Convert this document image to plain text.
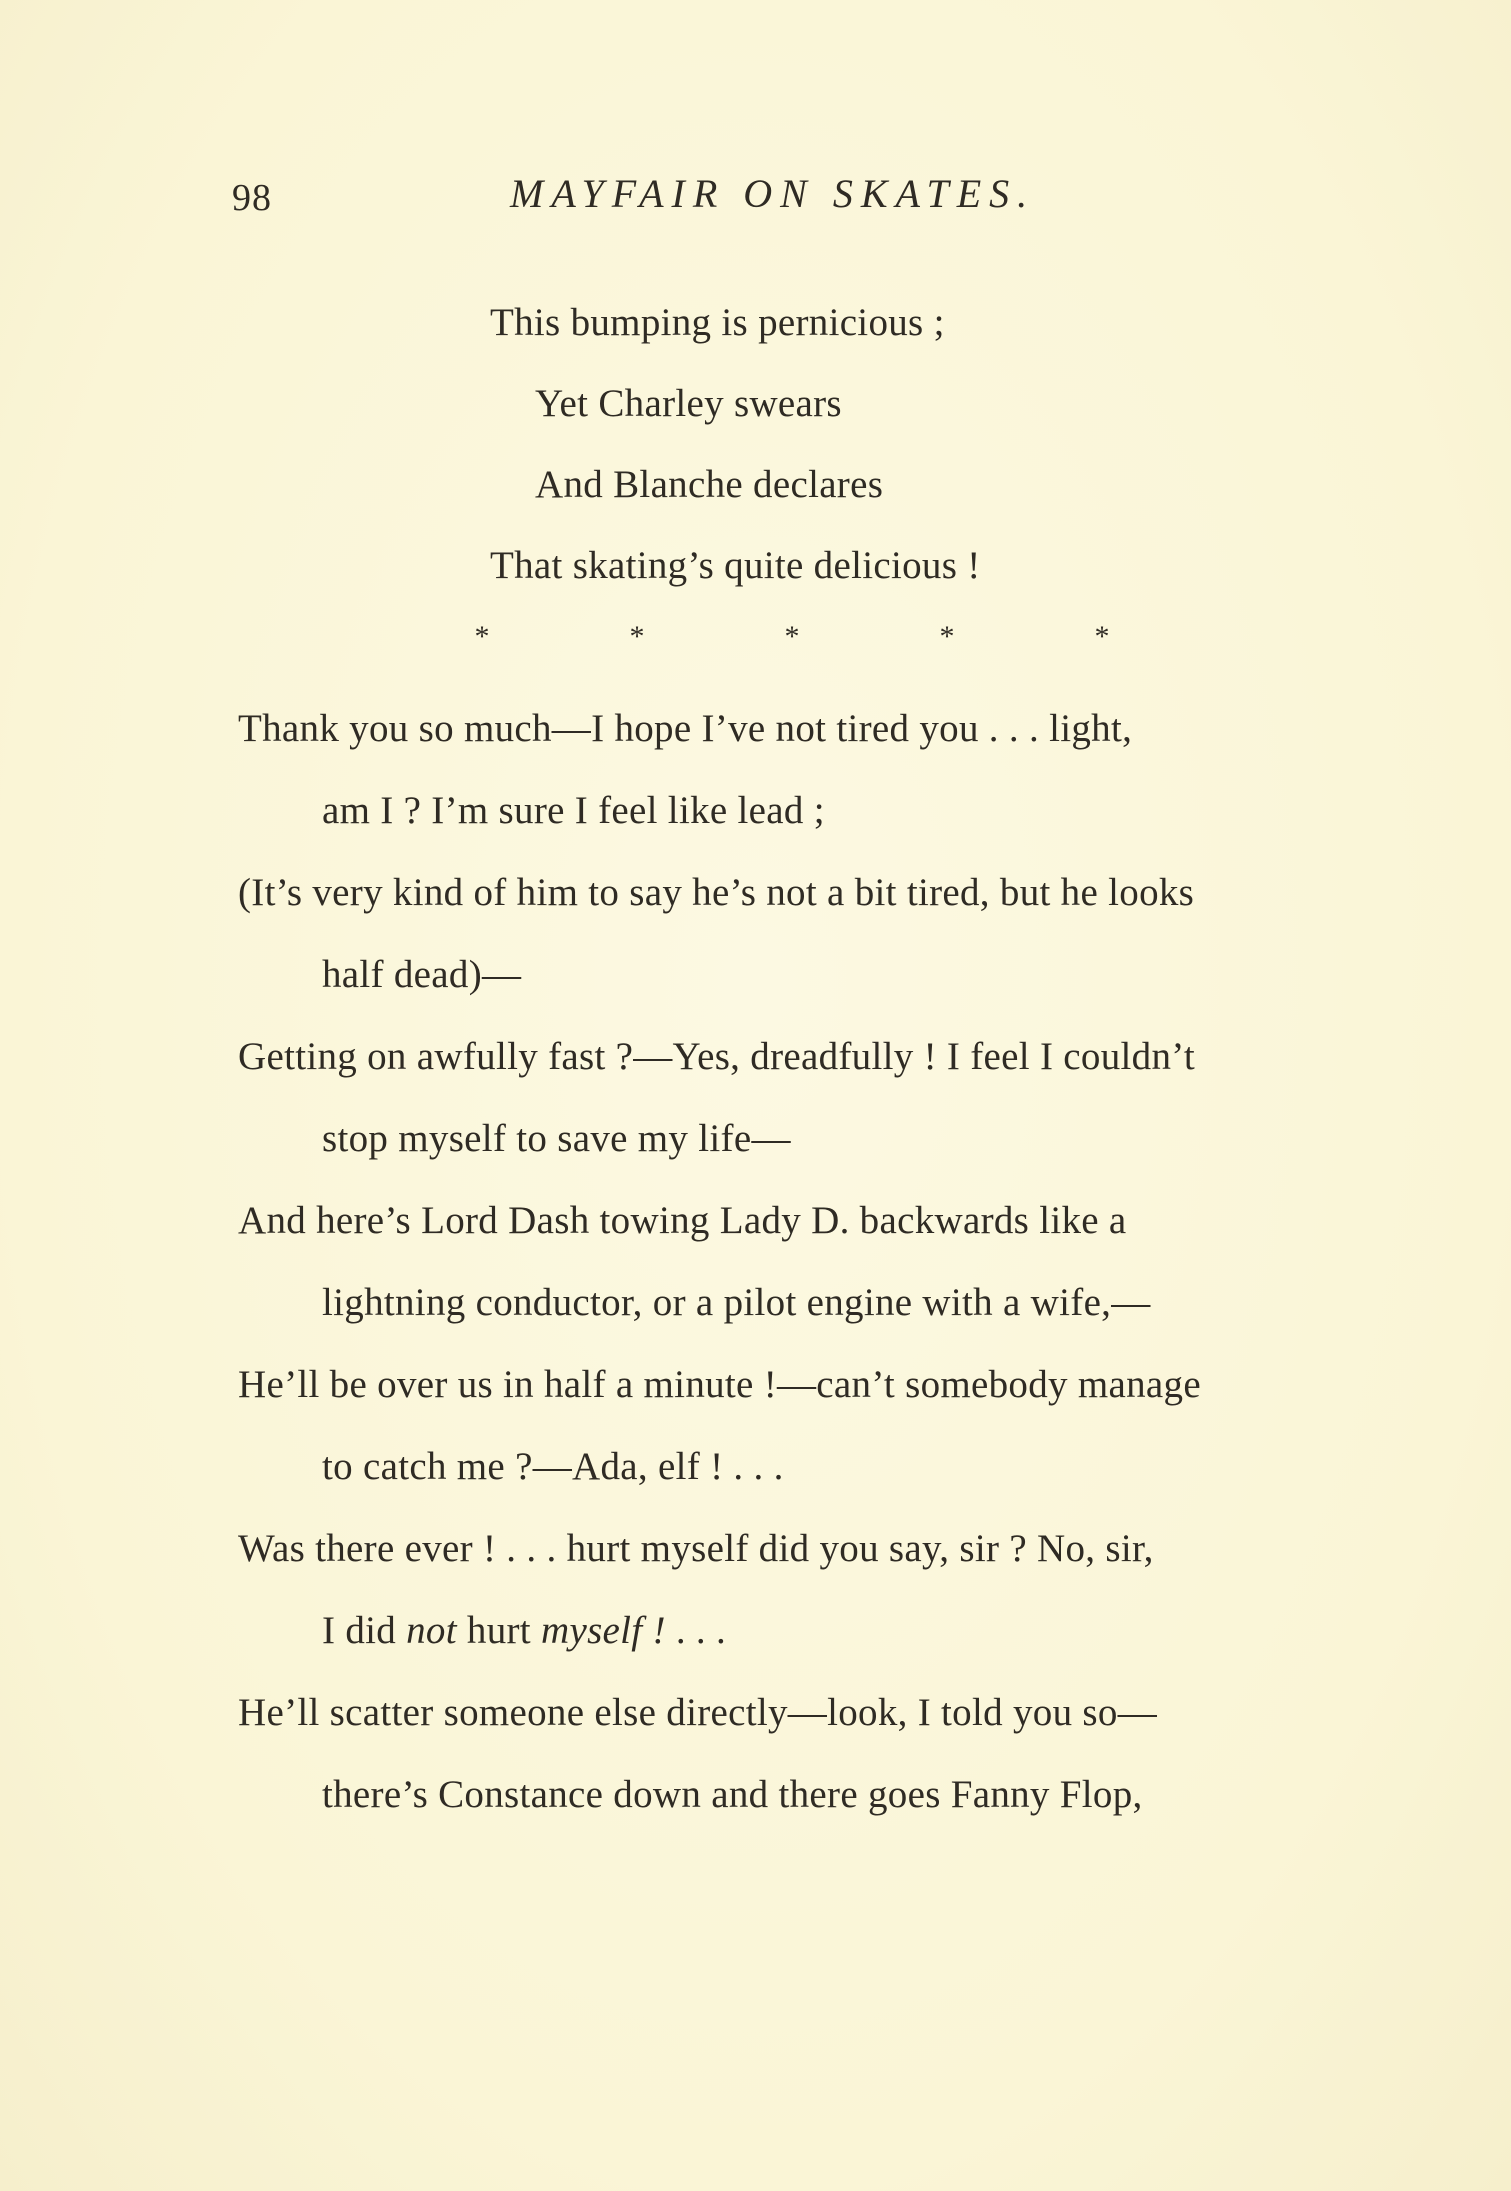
98	MAYFAIR ON SKATES.
This bumping is pernicious ;
Yet Charley swears
And Blanche declares
That skating’s quite delicious !
*	*	*	*	*
Thank you so much—I hope I’ve not tired you . . . light,
am I ? I’m sure I feel like lead ;
(It’s very kind of him to say he’s not a bit tired, but he looks
half dead)—
Getting on awfully fast ?—Yes, dreadfully ! I feel I couldn’t
stop myself to save my life—
And here’s Lord Dash towing Lady D. backwards like a
lightning conductor, or a pilot engine with a wife,—
He’ll be over us in half a minute !—can’t somebody manage
to catch me ?—Ada, elf ! . . .
Was there ever ! . . . hurt myself did you say, sir ? No, sir,
I did not hurt myself ! . . .
He’ll scatter someone else directly—look, I told you so—
there’s Constance down and there goes Fanny Flop,
